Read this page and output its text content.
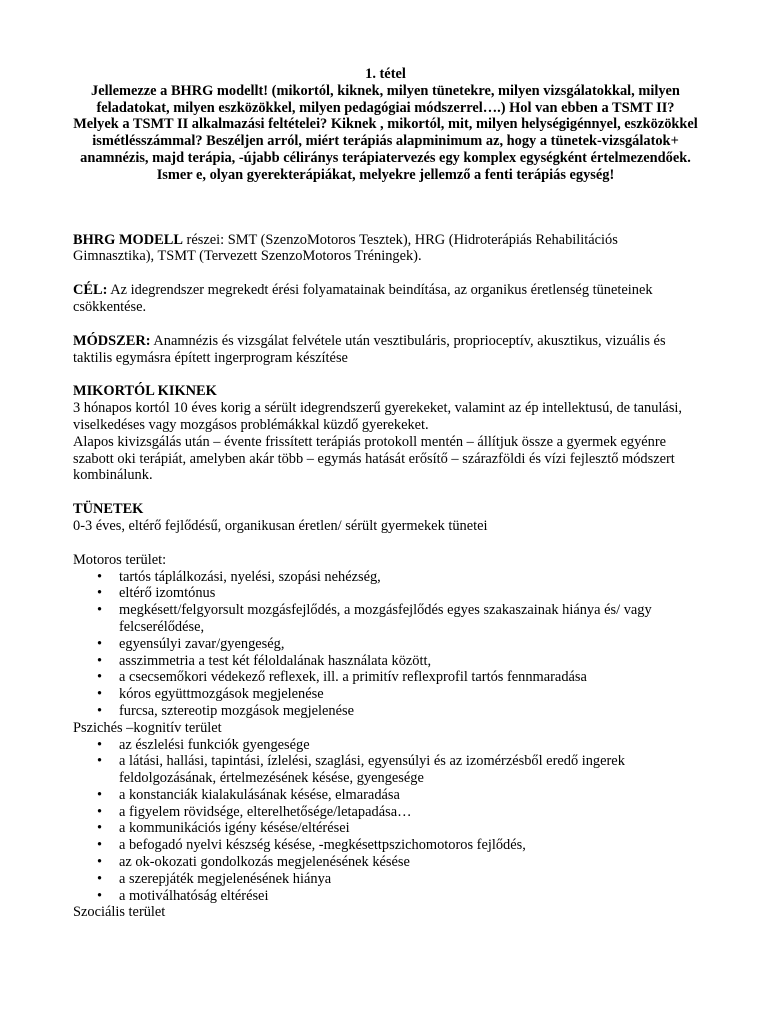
1. tétel
Jellemezze a BHRG modellt! (mikortól, kiknek, milyen tünetekre, milyen vizsgálatokkal, milyen feladatokat, milyen eszközökkel, milyen pedagógiai módszerrel….) Hol van ebben a TSMT II? Melyek a TSMT II alkalmazási feltételei? Kiknek , mikortól, mit, milyen helységigénnyel, eszközökkel ismétlésszámmal? Beszéljen arról, miért terápiás alapminimum az, hogy a tünetek-vizsgálatok+ anamnézis, majd terápia, -újabb céliránys terápiatervezés egy komplex egységként értelmezendőek. Ismer e, olyan gyerekterápiákat, melyekre jellemző a fenti terápiás egység!

BHRG MODELL részei: SMT (SzenzoMotoros Tesztek), HRG (Hidroterápiás Rehabilitációs Gimnasztika), TSMT (Tervezett SzenzoMotoros Tréningek).

CÉL: Az idegrendszer megrekedt érési folyamatainak beindítása, az organikus éretlenség tüneteinek csökkentése.

MÓDSZER: Anamnézis és vizsgálat felvétele után vesztibuláris, proprioceptív, akusztikus, vizuális és taktilis egymásra épített ingerprogram készítése

MIKORTÓL KIKNEK

3 hónapos kortól 10 éves korig a sérült idegrendszerű gyerekeket, valamint az ép intellektusú, de tanulási, viselkedéses vagy mozgásos problémákkal küzdő gyerekeket.

Alapos kivizsgálás után – évente frissített terápiás protokoll mentén – állítjuk össze a gyermek egyénre szabott oki terápiát, amelyben akár több – egymás hatását erősítő – szárazföldi és vízi fejlesztő módszert kombinálunk.

TÜNETEK

0-3 éves, eltérő fejlődésű, organikusan éretlen/ sérült gyermekek tünetei

Motoros terület:

• tartós táplálkozási, nyelési, szopási nehézség,
• eltérő izomtónus
• megkésett/felgyorsult mozgásfejlődés, a mozgásfejlődés egyes szakaszainak hiánya és/ vagy felcserélődése,
• egyensúlyi zavar/gyengeség,
• asszimmetria a test két féloldalának használata között,
• a csecsemőkori védekező reflexek, ill. a primitív reflexprofil tartós fennmaradása
• kóros együttmozgások megjelenése
• furcsa, sztereotip mozgások megjelenése

Pszichés –kognitív terület

• az észlelési funkciók gyengesége
• a látási, hallási, tapintási, ízlelési, szaglási, egyensúlyi és az izomérzésből eredő ingerek feldolgozásának, értelmezésének késése, gyengesége
• a konstanciák kialakulásának késése, elmaradása
• a figyelem rövidsége, elterelhetősége/letapadása…
• a kommunikációs igény késése/eltérései
• a befogadó nyelvi készség késése, -megkésettpszichomotoros fejlődés,
• az ok-okozati gondolkozás megjelenésének késése
• a szerepjáték megjelenésének hiánya
• a motiválhatóság eltérései

Szociális terület
